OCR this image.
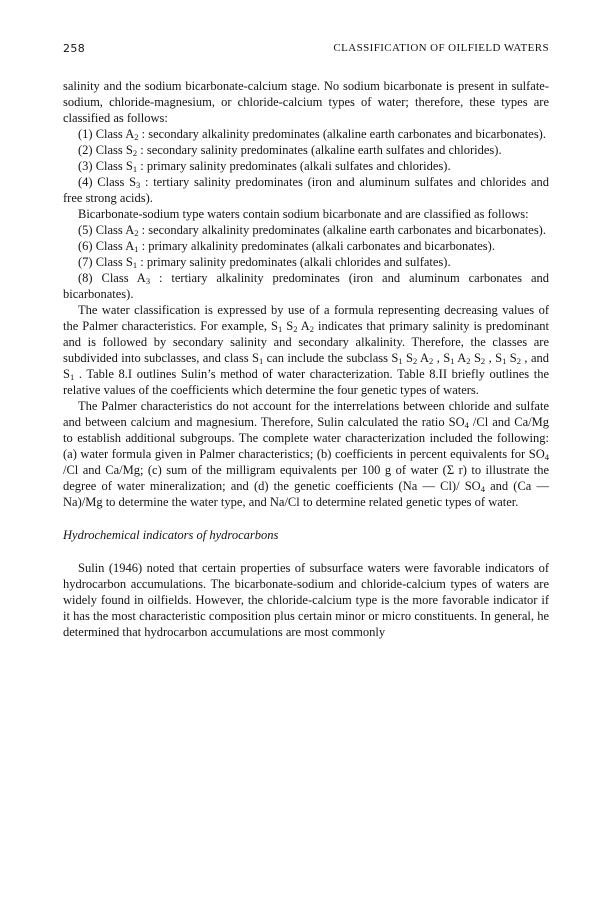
258	CLASSIFICATION OF OILFIELD WATERS

salinity and the sodium bicarbonate-calcium stage. No sodium bicarbonate is present in sulfate-sodium, chloride-magnesium, or chloride-calcium types of water; therefore, these types are classified as follows:

(1) Class $A_2$ : secondary alkalinity predominates (alkaline earth carbonates and bicarbonates).

(2) Class $S_2$ : secondary salinity predominates (alkaline earth sulfates and chlorides).

(3) Class $S_1$ : primary salinity predominates (alkali sulfates and chlorides).

(4) Class $S_3$ : tertiary salinity predominates (iron and aluminum sulfates and chlorides and free strong acids).

Bicarbonate-sodium type waters contain sodium bicarbonate and are classified as follows:

(5) Class $A_2$ : secondary alkalinity predominates (alkaline earth carbonates and bicarbonates).

(6) Class $A_1$ : primary alkalinity predominates (alkali carbonates and bicarbonates).

(7) Class $S_1$ : primary salinity predominates (alkali chlorides and sulfates).

(8) Class $A_3$ : tertiary alkalinity predominates (iron and aluminum carbonates and bicarbonates).

The water classification is expressed by use of a formula representing decreasing values of the Palmer characteristics. For example, $S_1$ $S_2$ $A_2$ indicates that primary salinity is predominant and is followed by secondary salinity and secondary alkalinity. Therefore, the classes are subdivided into subclasses, and class $S_1$ can include the subclass $S_1$ $S_2$ $A_2$ , $S_1$ $A_2$ $S_2$ , $S_1$ $S_2$ , and $S_1$ . Table 8.I outlines Sulin’s method of water characterization. Table 8.II briefly outlines the relative values of the coefficients which determine the four genetic types of waters.

The Palmer characteristics do not account for the interrelations between chloride and sulfate and between calcium and magnesium. Therefore, Sulin calculated the ratio $SO_4$ /Cl and Ca/Mg to establish additional subgroups. The complete water characterization included the following: (a) water formula given in Palmer characteristics; (b) coefficients in percent equivalents for $SO_4$ /Cl and Ca/Mg; (c) sum of the milligram equivalents per 100 g of water (Σ r) to illustrate the degree of water mineralization; and (d) the genetic coefficients (Na — Cl)/ $SO_4$ and (Ca — Na)/Mg to determine the water type, and Na/Cl to determine related genetic types of water.

Hydrochemical indicators of hydrocarbons

Sulin (1946) noted that certain properties of subsurface waters were favorable indicators of hydrocarbon accumulations. The bicarbonate-sodium and chloride-calcium types of waters are widely found in oilfields. However, the chloride-calcium type is the more favorable indicator if it has the most characteristic composition plus certain minor or micro constituents. In general, he determined that hydrocarbon accumulations are most commonly
